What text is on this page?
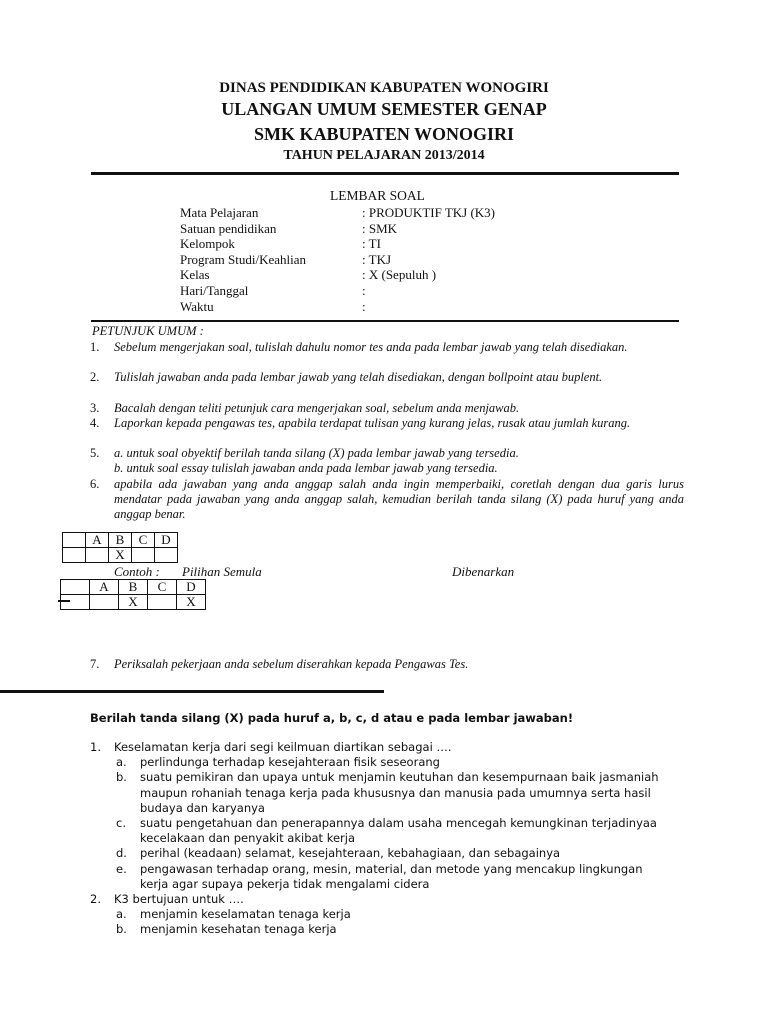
DINAS PENDIDIKAN KABUPATEN WONOGIRI
ULANGAN UMUM SEMESTER GENAP
SMK KABUPATEN WONOGIRI
TAHUN PELAJARAN 2013/2014
LEMBAR SOAL
Mata Pelajaran	: PRODUKTIF TKJ (K3)
Satuan pendidikan	: SMK
Kelompok	: TI
Program Studi/Keahlian	: TKJ
Kelas	: X (Sepuluh )
Hari/Tanggal	:
Waktu	:
PETUNJUK UMUM :
1. Sebelum mengerjakan soal, tulislah dahulu nomor tes anda pada lembar jawab yang telah disediakan.
2. Tulislah jawaban anda pada lembar jawab yang telah disediakan, dengan bollpoint atau buplent.
3. Bacalah dengan teliti petunjuk cara mengerjakan soal, sebelum anda menjawab.
4. Laporkan kepada pengawas tes, apabila terdapat tulisan yang kurang jelas, rusak atau jumlah kurang.
5. a. untuk soal obyektif berilah tanda silang (X) pada lembar jawab yang tersedia.
b. untuk soal essay tulislah jawaban anda pada lembar jawab yang tersedia.
6. apabila ada jawaban yang anda anggap salah anda ingin memperbaiki, coretlah dengan dua garis lurus mendatar pada jawaban yang anda anggap salah, kemudian berilah tanda silang (X) pada huruf yang anda anggap benar.
	A	B	C	D
		X		
Contoh : Pilihan Semula	Dibenarkan
	A	B	C	D
		X		X
7. Periksalah pekerjaan anda sebelum diserahkan kepada Pengawas Tes.
Berilah tanda silang (X) pada huruf a, b, c, d atau e pada lembar jawaban!
1. Keselamatan kerja dari segi keilmuan diartikan sebagai ….
a. perlindunga terhadap kesejahteraan fisik seseorang
b. suatu pemikiran dan upaya untuk menjamin keutuhan dan kesempurnaan baik jasmaniah
maupun rohaniah tenaga kerja pada khususnya dan manusia pada umumnya serta hasil
budaya dan karyanya
c. suatu pengetahuan dan penerapannya dalam usaha mencegah kemungkinan terjadinyaa
kecelakaan dan penyakit akibat kerja
d. perihal (keadaan) selamat, kesejahteraan, kebahagiaan, dan sebagainya
e. pengawasan terhadap orang, mesin, material, dan metode yang mencakup lingkungan
kerja agar supaya pekerja tidak mengalami cidera
2. K3 bertujuan untuk ….
a. menjamin keselamatan tenaga kerja
b. menjamin kesehatan tenaga kerja
